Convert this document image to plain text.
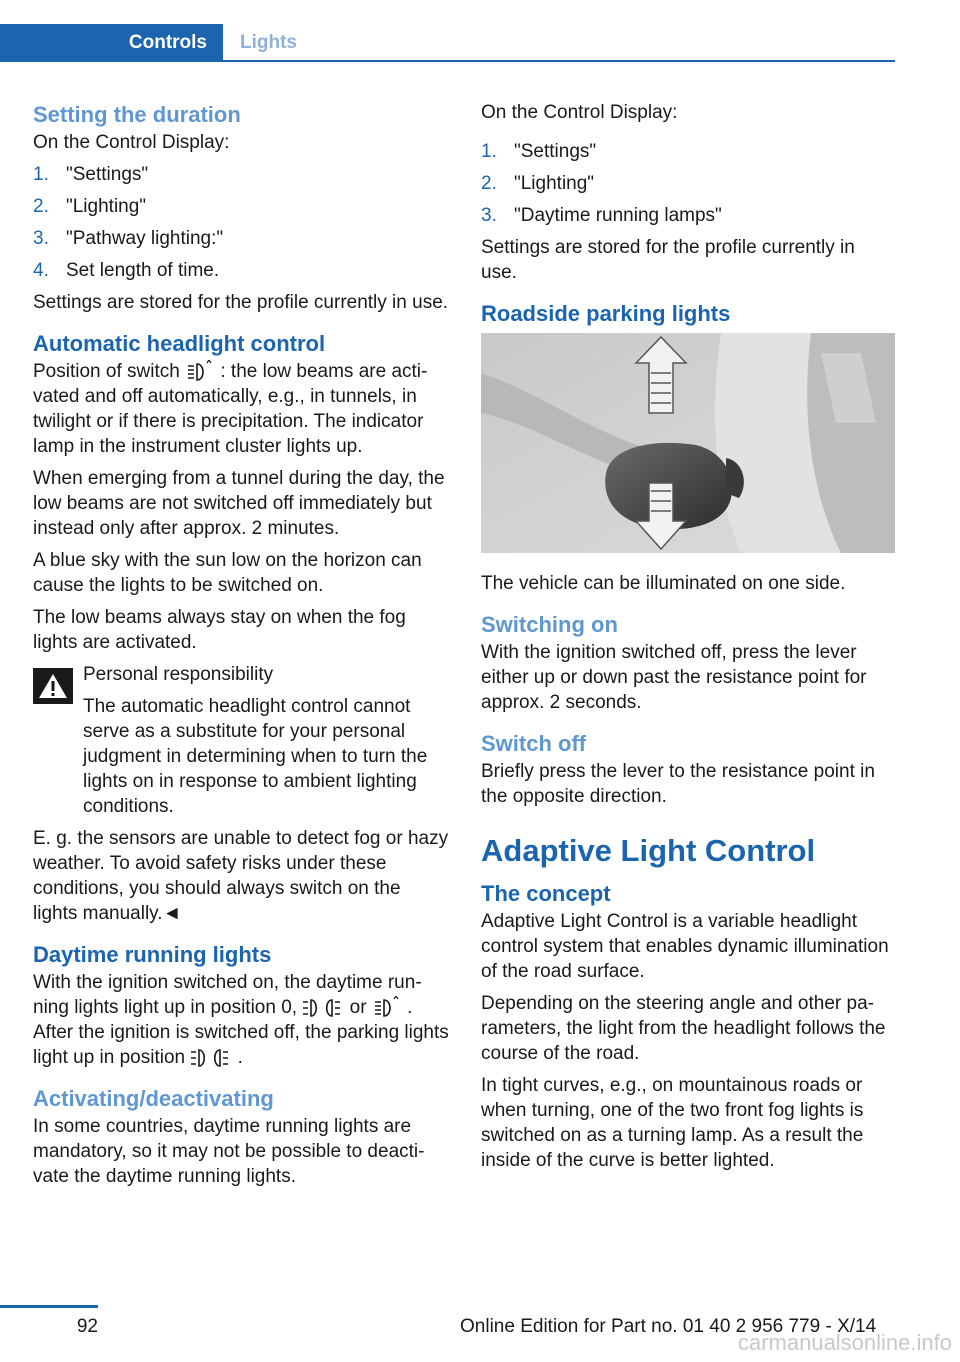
Controls	Lights
Setting the duration

On the Control Display:

1. "Settings"
2. "Lighting"
3. "Pathway lighting:"
4. Set length of time.

Settings are stored for the profile currently in use.

Automatic headlight control

Position of switch : the low beams are activated and off automatically, e.g., in tunnels, in twilight or if there is precipitation. The indicator lamp in the instrument cluster lights up.

When emerging from a tunnel during the day, the low beams are not switched off immediately but instead only after approx. 2 minutes.

A blue sky with the sun low on the horizon can cause the lights to be switched on.

The low beams always stay on when the fog lights are activated.

Personal responsibility

The automatic headlight control cannot serve as a substitute for your personal judgment in determining when to turn the lights on in response to ambient lighting conditions.

E. g. the sensors are unable to detect fog or hazy weather. To avoid safety risks under these conditions, you should always switch on the lights manually.◄

Daytime running lights

With the ignition switched on, the daytime running lights light up in position 0,	or .

After the ignition is switched off, the parking lights light up in position	.

Activating/deactivating

In some countries, daytime running lights are mandatory, so it may not be possible to deactivate the daytime running lights.

On the Control Display:

1. "Settings"
2. "Lighting"
3. "Daytime running lamps"

Settings are stored for the profile currently in use.

Roadside parking lights

The vehicle can be illuminated on one side.

Switching on

With the ignition switched off, press the lever either up or down past the resistance point for approx. 2 seconds.

Switch off

Briefly press the lever to the resistance point in the opposite direction.

Adaptive Light Control
The concept

Adaptive Light Control is a variable headlight control system that enables dynamic illumination of the road surface.

Depending on the steering angle and other parameters, the light from the headlight follows the course of the road.

In tight curves, e.g., on mountainous roads or when turning, one of the two front fog lights is switched on as a turning lamp. As a result the inside of the curve is better lighted.

92	Online Edition for Part no. 01 40 2 956 779 - X/14
carmanualsonline.info
